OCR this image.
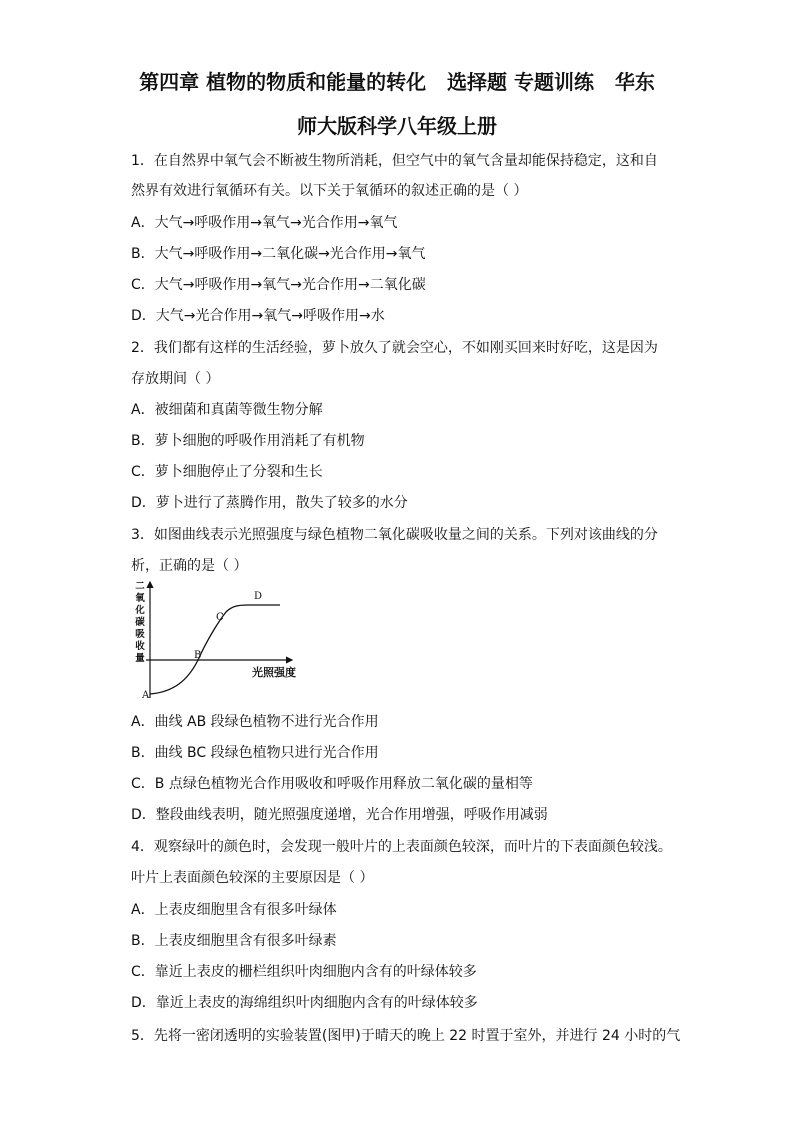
第四章 植物的物质和能量的转化   选择题 专题训练   华东
师大版科学八年级上册
1．在自然界中氧气会不断被生物所消耗，但空气中的氧气含量却能保持稳定，这和自
然界有效进行氧循环有关。以下关于氧循环的叙述正确的是（ ）
A．大气→呼吸作用→氧气→光合作用→氧气
B．大气→呼吸作用→二氧化碳→光合作用→氧气
C．大气→呼吸作用→氧气→光合作用→二氧化碳
D．大气→光合作用→氧气→呼吸作用→水
2．我们都有这样的生活经验，萝卜放久了就会空心，不如刚买回来时好吃，这是因为
存放期间（ ）
A．被细菌和真菌等微生物分解
B．萝卜细胞的呼吸作用消耗了有机物
C．萝卜细胞停止了分裂和生长
D．萝卜进行了蒸腾作用，散失了较多的水分
3．如图曲线表示光照强度与绿色植物二氧化碳吸收量之间的关系。下列对该曲线的分
析，正确的是（ ）
二
氧
化
碳
吸
收
量
光照强度
A
B
C
D
A．曲线 AB 段绿色植物不进行光合作用
B．曲线 BC 段绿色植物只进行光合作用
C．B 点绿色植物光合作用吸收和呼吸作用释放二氧化碳的量相等
D．整段曲线表明，随光照强度递增，光合作用增强，呼吸作用减弱
4．观察绿叶的颜色时，会发现一般叶片的上表面颜色较深，而叶片的下表面颜色较浅。
叶片上表面颜色较深的主要原因是（ ）
A．上表皮细胞里含有很多叶绿体
B．上表皮细胞里含有很多叶绿素
C．靠近上表皮的栅栏组织叶肉细胞内含有的叶绿体较多
D．靠近上表皮的海绵组织叶肉细胞内含有的叶绿体较多
5．先将一密闭透明的实验装置(图甲)于晴天的晚上 22 时置于室外，并进行 24 小时的气
